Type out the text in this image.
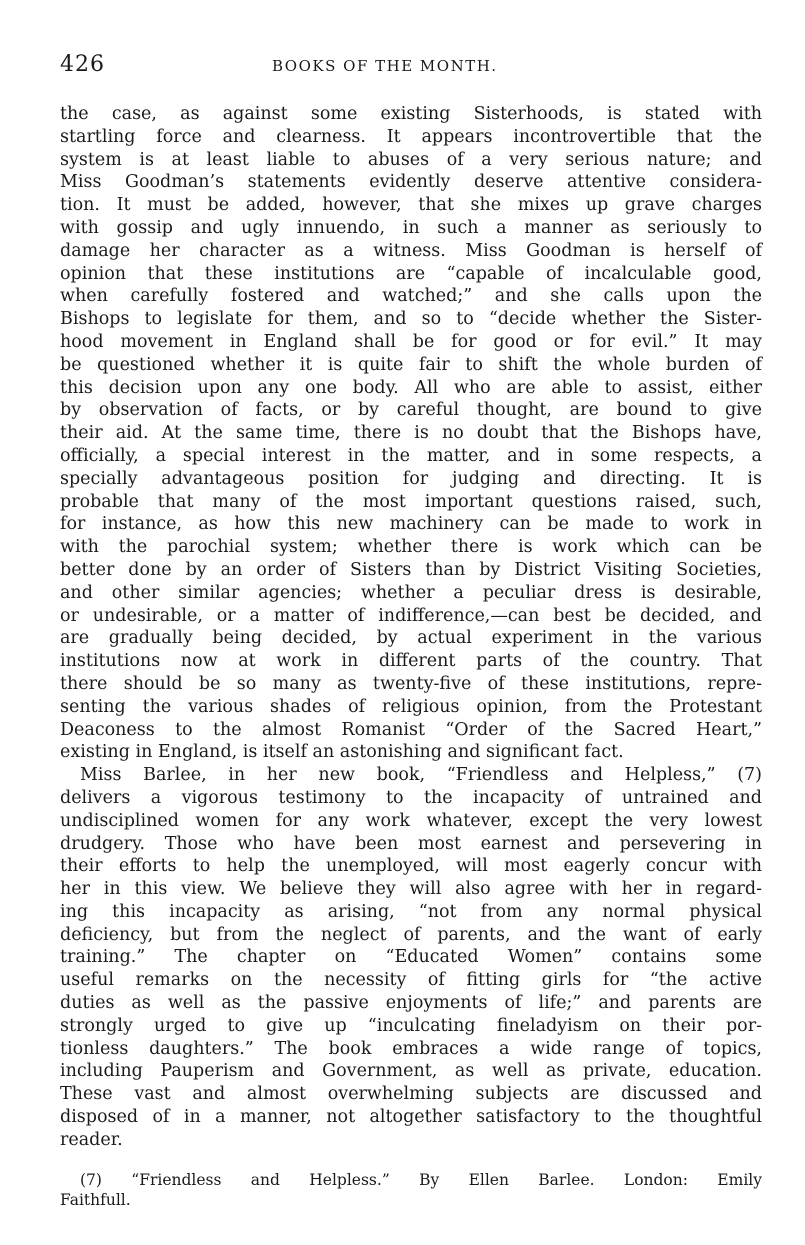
426	BOOKS OF THE MONTH.
the case, as against some existing Sisterhoods, is stated with
startling force and clearness. It appears incontrovertible that the
system is at least liable to abuses of a very serious nature; and
Miss Goodman’s statements evidently deserve attentive considera-
tion. It must be added, however, that she mixes up grave charges
with gossip and ugly innuendo, in such a manner as seriously to
damage her character as a witness. Miss Goodman is herself of
opinion that these institutions are “capable of incalculable good,
when carefully fostered and watched;” and she calls upon the
Bishops to legislate for them, and so to “decide whether the Sister-
hood movement in England shall be for good or for evil.” It may
be questioned whether it is quite fair to shift the whole burden of
this decision upon any one body. All who are able to assist, either
by observation of facts, or by careful thought, are bound to give
their aid. At the same time, there is no doubt that the Bishops have,
officially, a special interest in the matter, and in some respects, a
specially advantageous position for judging and directing. It is
probable that many of the most important questions raised, such,
for instance, as how this new machinery can be made to work in
with the parochial system; whether there is work which can be
better done by an order of Sisters than by District Visiting Societies,
and other similar agencies; whether a peculiar dress is desirable,
or undesirable, or a matter of indifference,—can best be decided, and
are gradually being decided, by actual experiment in the various
institutions now at work in different parts of the country. That
there should be so many as twenty-five of these institutions, repre-
senting the various shades of religious opinion, from the Protestant
Deaconess to the almost Romanist “Order of the Sacred Heart,”
existing in England, is itself an astonishing and significant fact.
Miss Barlee, in her new book, “Friendless and Helpless,” (7)
delivers a vigorous testimony to the incapacity of untrained and
undisciplined women for any work whatever, except the very lowest
drudgery. Those who have been most earnest and persevering in
their efforts to help the unemployed, will most eagerly concur with
her in this view. We believe they will also agree with her in regard-
ing this incapacity as arising, “not from any normal physical
deficiency, but from the neglect of parents, and the want of early
training.” The chapter on “Educated Women” contains some
useful remarks on the necessity of fitting girls for “the active
duties as well as the passive enjoyments of life;” and parents are
strongly urged to give up “inculcating fineladyism on their por-
tionless daughters.” The book embraces a wide range of topics,
including Pauperism and Government, as well as private, education.
These vast and almost overwhelming subjects are discussed and
disposed of in a manner, not altogether satisfactory to the thoughtful
reader.
(7) “Friendless and Helpless.” By Ellen Barlee. London: Emily
Faithfull.
